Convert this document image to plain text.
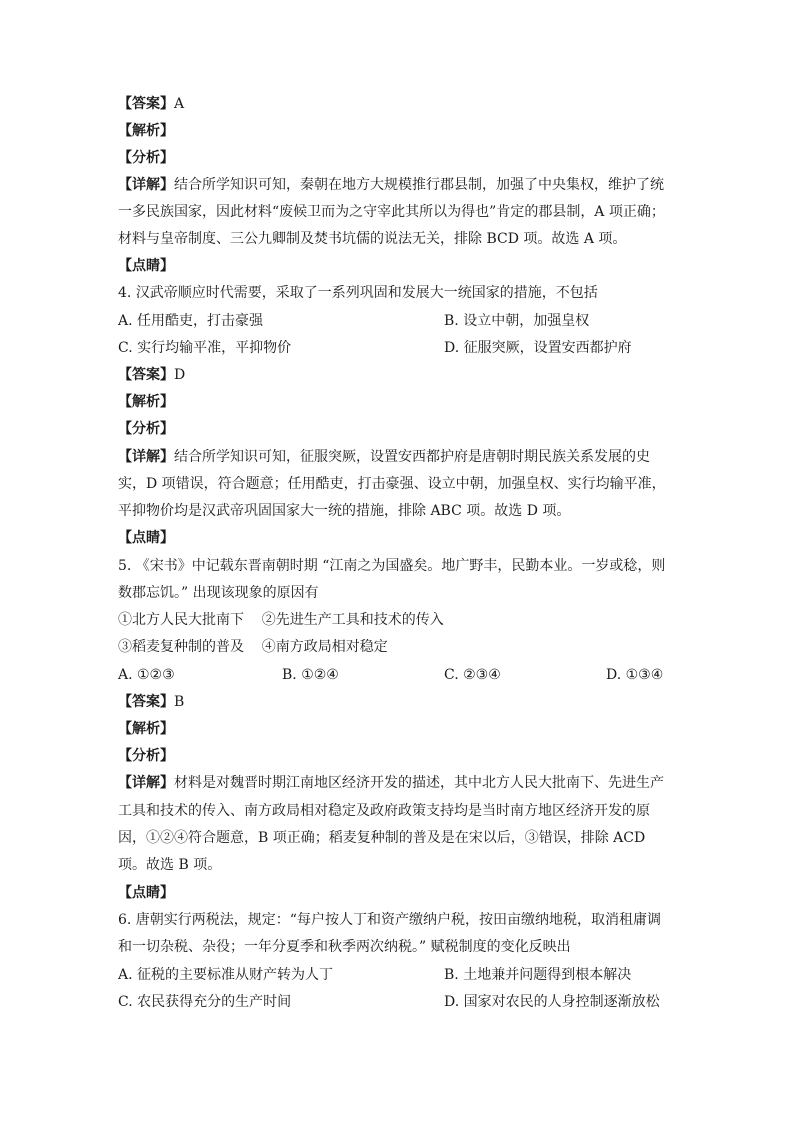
【答案】A
【解析】
【分析】
【详解】结合所学知识可知，秦朝在地方大规模推行郡县制，加强了中央集权，维护了统
一多民族国家，因此材料“废候卫而为之守宰此其所以为得也”肯定的郡县制，A 项正确；
材料与皇帝制度、三公九卿制及焚书坑儒的说法无关，排除 BCD 项。故选 A 项。
【点睛】
4. 汉武帝顺应时代需要，采取了一系列巩固和发展大一统国家的措施，不包括
A. 任用酷吏，打击豪强	B. 设立中朝，加强皇权
C. 实行均输平准，平抑物价	D. 征服突厥，设置安西都护府
【答案】D
【解析】
【分析】
【详解】结合所学知识可知，征服突厥，设置安西都护府是唐朝时期民族关系发展的史
实，D 项错误，符合题意；任用酷吏，打击豪强、设立中朝，加强皇权、实行均输平准，
平抑物价均是汉武帝巩固国家大一统的措施，排除 ABC 项。故选 D 项。
【点睛】
5. 《宋书》中记载东晋南朝时期 “江南之为国盛矣。地广野丰，民勤本业。一岁或稔，则
数郡忘饥。” 出现该现象的原因有
①北方人民大批南下    ②先进生产工具和技术的传入
③稻麦复种制的普及    ④南方政局相对稳定
A. ①②③	B. ①②④	C. ②③④	D. ①③④
【答案】B
【解析】
【分析】
【详解】材料是对魏晋时期江南地区经济开发的描述，其中北方人民大批南下、先进生产
工具和技术的传入、南方政局相对稳定及政府政策支持均是当时南方地区经济开发的原
因，①②④符合题意，B 项正确；稻麦复种制的普及是在宋以后，③错误，排除 ACD
项。故选 B 项。
【点睛】
6. 唐朝实行两税法，规定：“每户按人丁和资产缴纳户税，按田亩缴纳地税，取消租庸调
和一切杂税、杂役；一年分夏季和秋季两次纳税。” 赋税制度的变化反映出
A. 征税的主要标准从财产转为人丁	B. 土地兼并问题得到根本解决
C. 农民获得充分的生产时间	D. 国家对农民的人身控制逐渐放松
